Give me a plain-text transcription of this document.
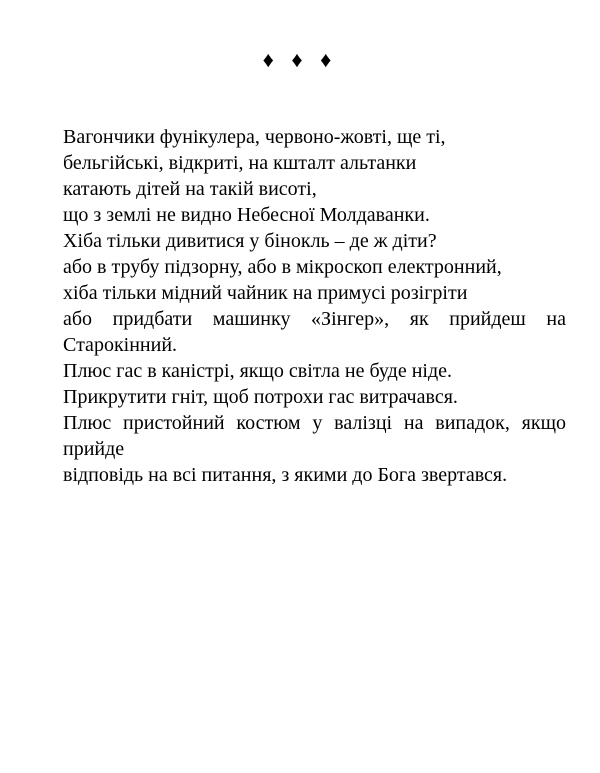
♦ ♦ ♦
Вагончики фунікулера, червоно-жовті, ще ті,
бельгійські, відкриті, на кшталт альтанки
катають дітей на такій висоті,
що з землі не видно Небесної Молдаванки.
Хіба тільки дивитися у бінокль – де ж діти?
або в трубу підзорну, або в мікроскоп електронний,
хіба тільки мідний чайник на примусі розігріти
або придбати машинку «Зінгер», як прийдеш на Старокінний.
Плюс гас в каністрі, якщо світла не буде ніде.
Прикрутити гніт, щоб потрохи гас витрачався.
Плюс пристойний костюм у валізці на випадок, якщо прийде
відповідь на всі питання, з якими до Бога звертався.
